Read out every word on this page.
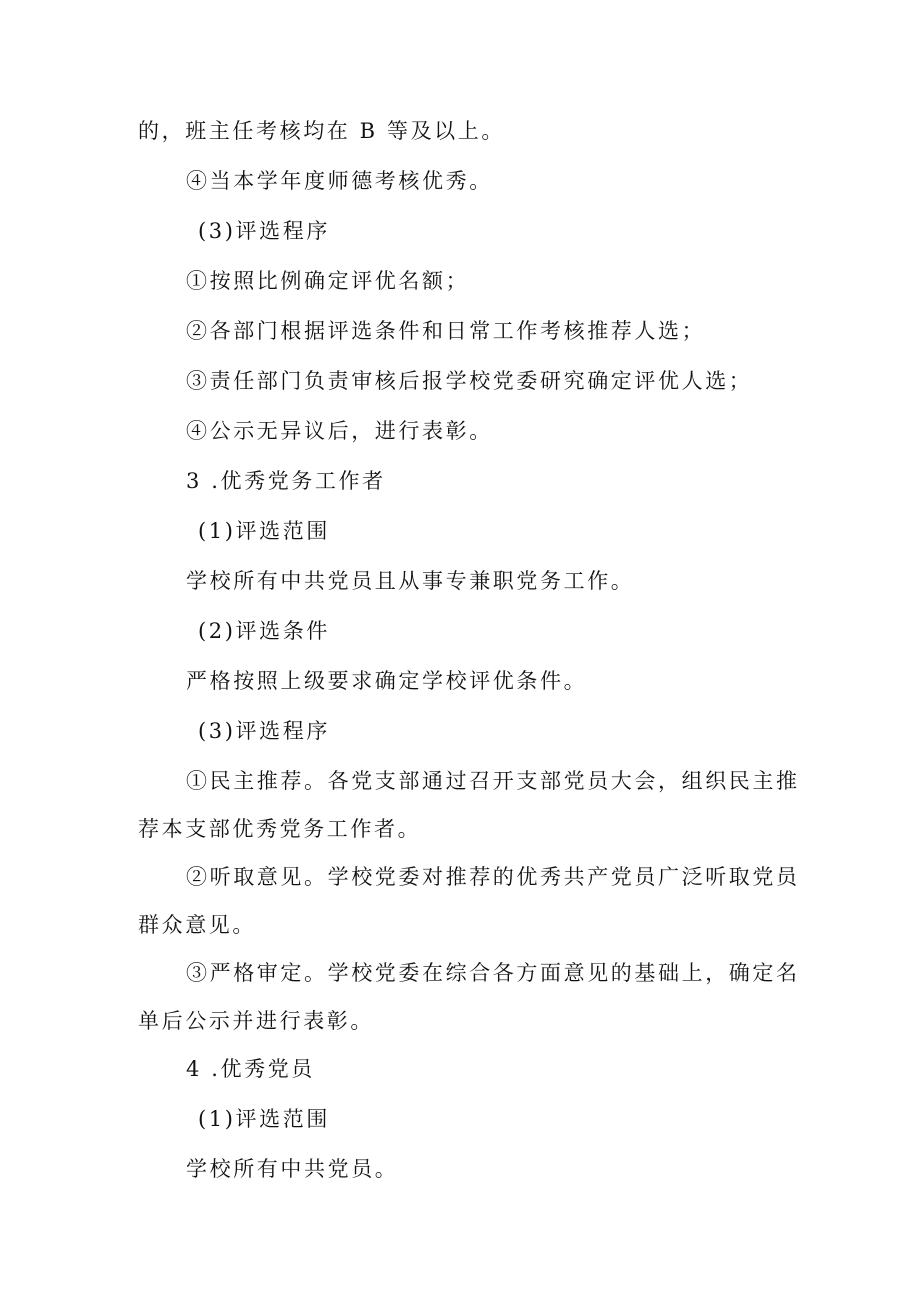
的，班主任考核均在 B 等及以上。

④当本学年度师德考核优秀。

(3)评选程序

①按照比例确定评优名额；

②各部门根据评选条件和日常工作考核推荐人选；

③责任部门负责审核后报学校党委研究确定评优人选；

④公示无异议后，进行表彰。

3 .优秀党务工作者

(1)评选范围

学校所有中共党员且从事专兼职党务工作。

(2)评选条件

严格按照上级要求确定学校评优条件。

(3)评选程序

①民主推荐。各党支部通过召开支部党员大会，组织民主推

荐本支部优秀党务工作者。

②听取意见。学校党委对推荐的优秀共产党员广泛听取党员

群众意见。

③严格审定。学校党委在综合各方面意见的基础上，确定名

单后公示并进行表彰。

4 .优秀党员

(1)评选范围

学校所有中共党员。
